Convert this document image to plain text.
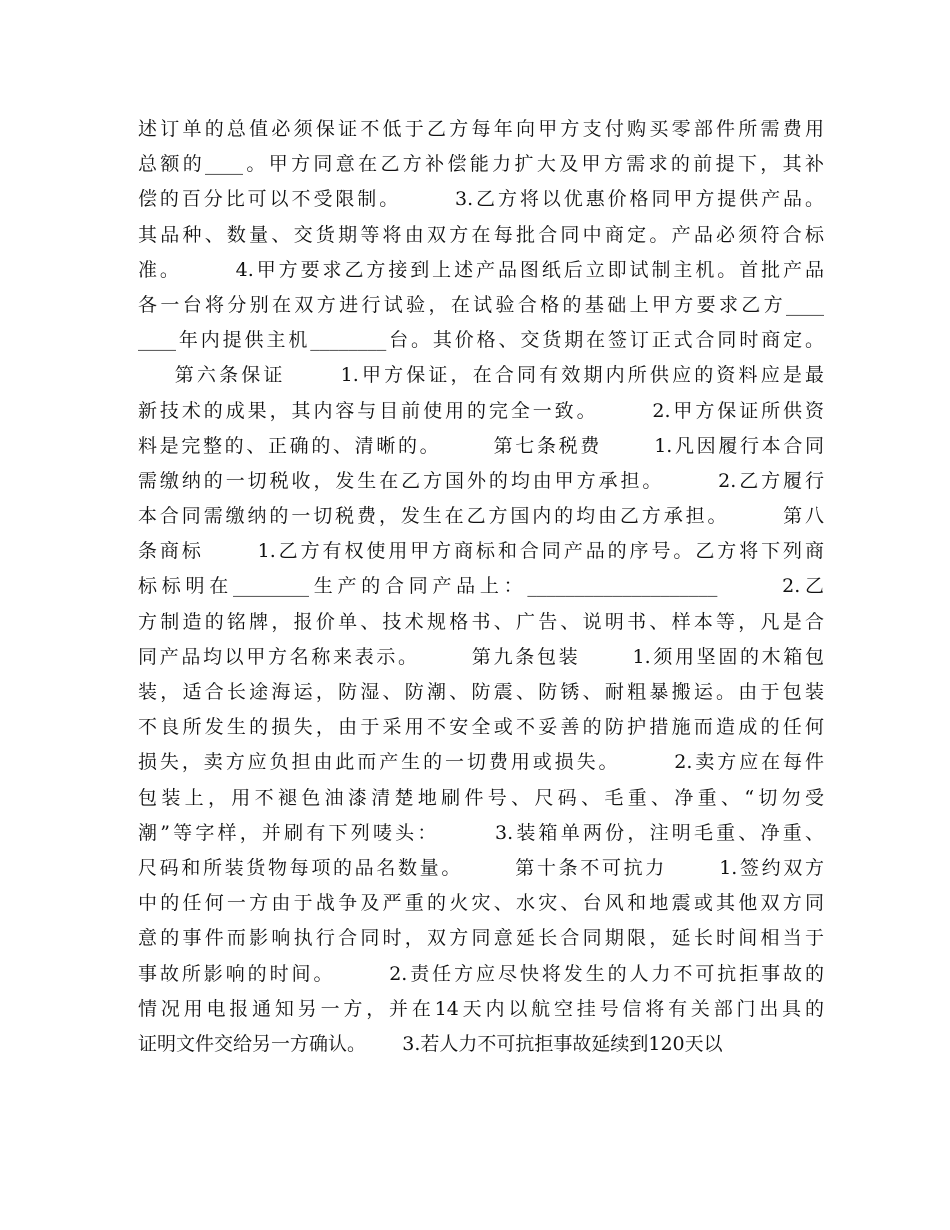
述订单的总值必须保证不低于乙方每年向甲方支付购买零部件所需费用
总额的____。甲方同意在乙方补偿能力扩大及甲方需求的前提下，其补
偿的百分比可以不受限制。      3.乙方将以优惠价格同甲方提供产品。
其品种、数量、交货期等将由双方在每批合同中商定。产品必须符合标
准。      4.甲方要求乙方接到上述产品图纸后立即试制主机。首批产品
各一台将分别在双方进行试验，在试验合格的基础上甲方要求乙方____
____年内提供主机________台。其价格、交货期在签订正式合同时商定。
第六条保证      1.甲方保证，在合同有效期内所供应的资料应是最
新技术的成果，其内容与目前使用的完全一致。      2.甲方保证所供资
料是完整的、正确的、清晰的。      第七条税费      1.凡因履行本合同
需缴纳的一切税收，发生在乙方国外的均由甲方承担。      2.乙方履行
本合同需缴纳的一切税费，发生在乙方国内的均由乙方承担。      第八
条商标      1.乙方有权使用甲方商标和合同产品的序号。乙方将下列商
标标明在________生产的合同产品上：____________________      2.乙
方制造的铭牌，报价单、技术规格书、广告、说明书、样本等，凡是合
同产品均以甲方名称来表示。      第九条包装      1.须用坚固的木箱包
装，适合长途海运，防湿、防潮、防震、防锈、耐粗暴搬运。由于包装
不良所发生的损失，由于采用不安全或不妥善的防护措施而造成的任何
损失，卖方应负担由此而产生的一切费用或损失。      2.卖方应在每件
包装上，用不褪色油漆清楚地刷件号、尺码、毛重、净重、“切勿受
潮”等字样，并刷有下列唛头：      3.装箱单两份，注明毛重、净重、
尺码和所装货物每项的品名数量。      第十条不可抗力      1.签约双方
中的任何一方由于战争及严重的火灾、水灾、台风和地震或其他双方同
意的事件而影响执行合同时，双方同意延长合同期限，延长时间相当于
事故所影响的时间。      2.责任方应尽快将发生的人力不可抗拒事故的
情况用电报通知另一方，并在14天内以航空挂号信将有关部门出具的
证明文件交给另一方确认。      3.若人力不可抗拒事故延续到120天以
